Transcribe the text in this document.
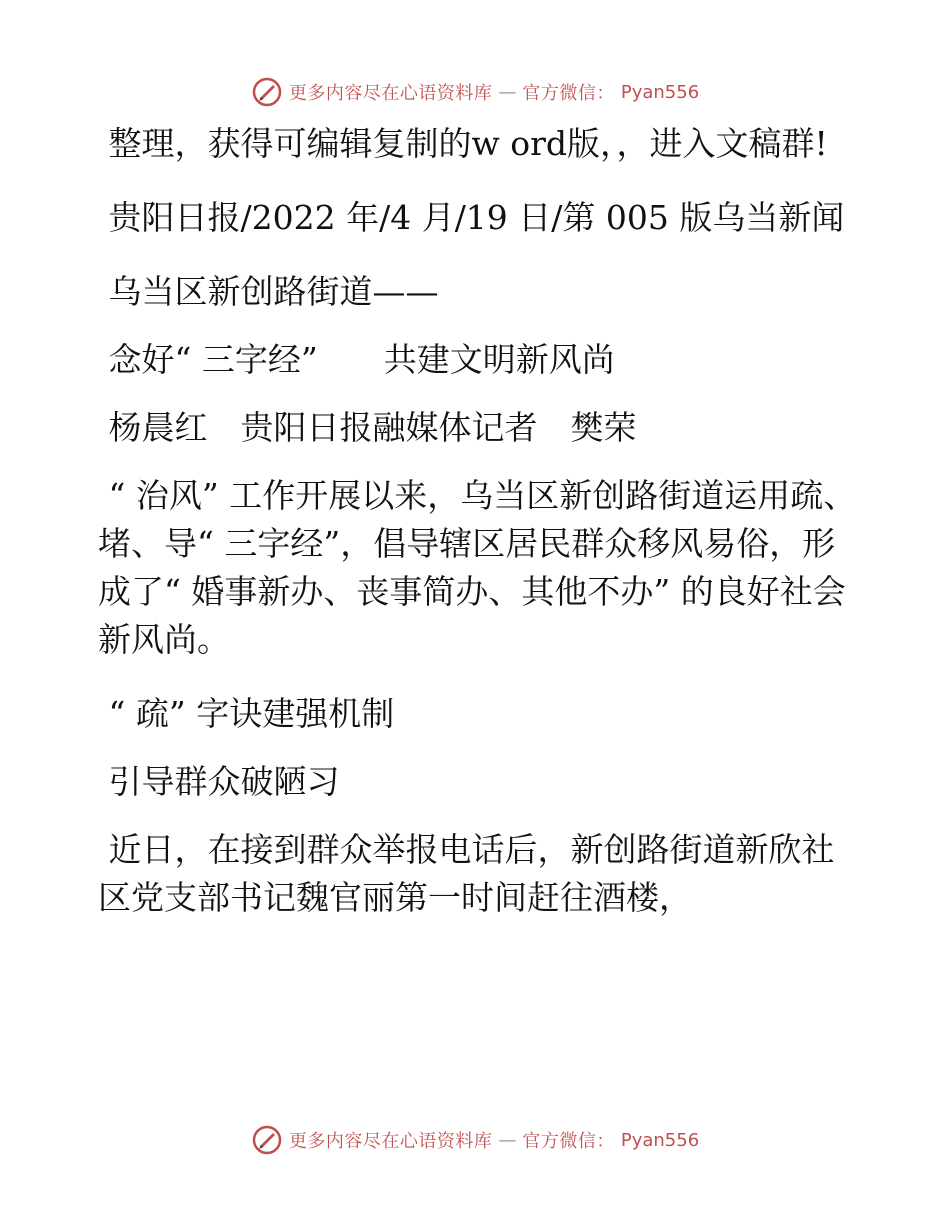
更多内容尽在心语资料库 — 官方微信： Pyan556

整理，获得可编辑复制的w ord版，，进入文稿群!

贵阳日报/2022 年/4 月/19 日/第 005 版乌当新闻

乌当区新创路街道——

念好“ 三字经”　　共建文明新风尚

杨晨红　贵阳日报融媒体记者　樊荣

“ 治风” 工作开展以来，乌当区新创路街道运用疏、堵、导“ 三字经”，倡导辖区居民群众移风易俗，形成了“ 婚事新办、丧事简办、其他不办” 的良好社会新风尚。

“ 疏” 字诀建强机制

引导群众破陋习

近日，在接到群众举报电话后，新创路街道新欣社区党支部书记魏官丽第一时间赶往酒楼，

更多内容尽在心语资料库 — 官方微信： Pyan556
